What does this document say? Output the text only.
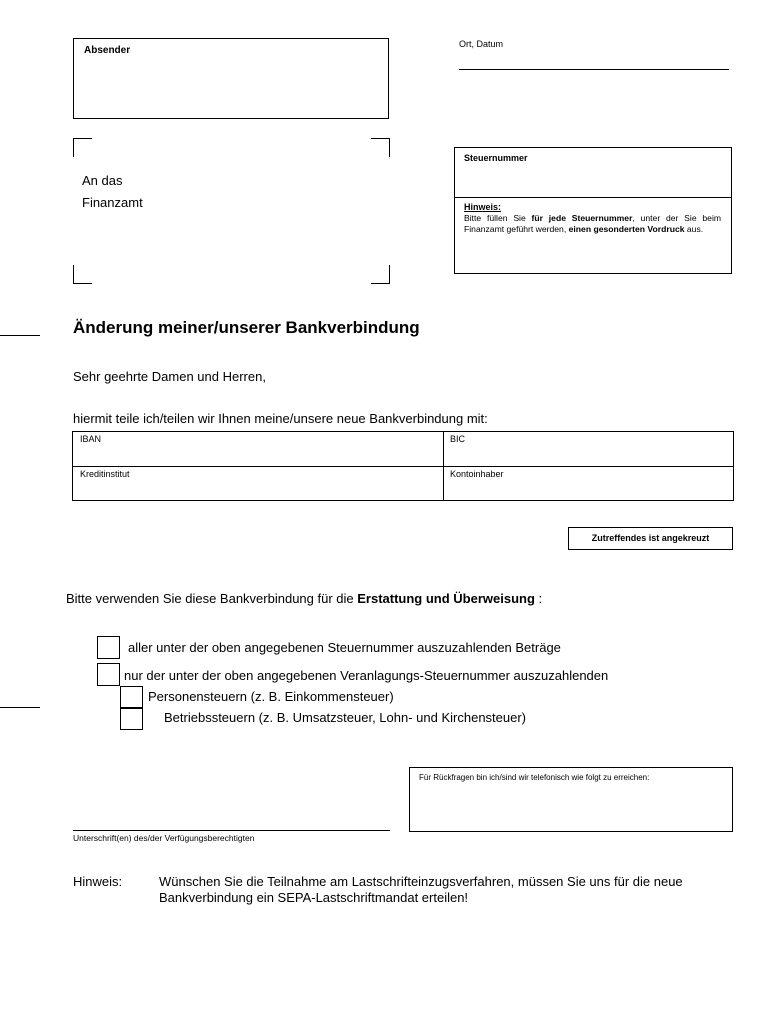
Absender
Ort, Datum
An das
Finanzamt
Steuernummer
Hinweis:
Bitte füllen Sie für jede Steuernummer, unter der Sie beim Finanzamt geführt werden, einen gesonderten Vordruck aus.
Änderung meiner/unserer Bankverbindung
Sehr geehrte Damen und Herren,
hiermit teile ich/teilen wir Ihnen meine/unsere neue Bankverbindung mit:
IBAN	BIC
Kreditinstitut	Kontoinhaber
Zutreffendes ist angekreuzt
Bitte verwenden Sie diese Bankverbindung für die Erstattung und Überweisung :
aller unter der oben angegebenen Steuernummer auszuzahlenden Beträge
nur der unter der oben angegebenen Veranlagungs-Steuernummer auszuzahlenden
Personensteuern (z. B. Einkommensteuer)
Betriebssteuern (z. B. Umsatzsteuer, Lohn- und Kirchensteuer)
Für Rückfragen bin ich/sind wir telefonisch wie folgt zu erreichen:
Unterschrift(en) des/der Verfügungsberechtigten
Hinweis:	Wünschen Sie die Teilnahme am Lastschrifteinzugsverfahren, müssen Sie uns für die neue Bankverbindung ein SEPA-Lastschriftmandat erteilen!
